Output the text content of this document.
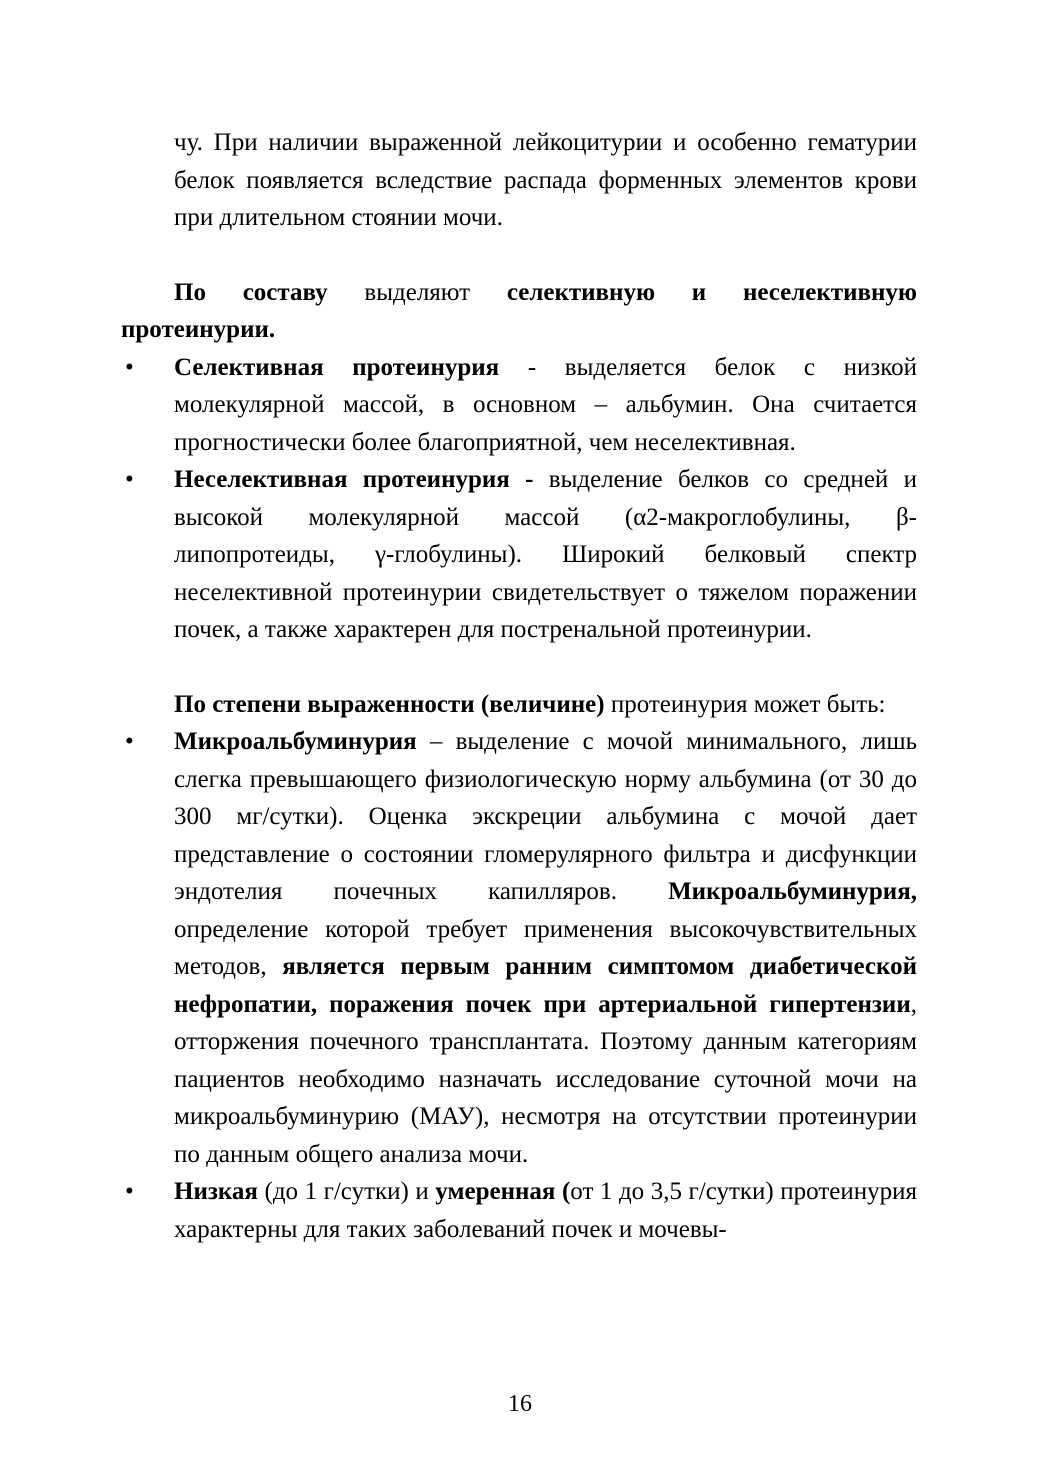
чу. При наличии выраженной лейкоцитурии и особенно гематурии белок появляется вследствие распада форменных элементов крови при длительном стоянии мочи.

По составу выделяют селективную и неселективную протеинурии.

• Селективная протеинурия - выделяется белок с низкой молекулярной массой, в основном – альбумин. Она считается прогностически более благоприятной, чем неселективная.
• Неселективная протеинурия - выделение белков со средней и высокой молекулярной массой (α2-макроглобулины, β-липопротеиды, γ-глобулины). Широкий белковый спектр неселективной протеинурии свидетельствует о тяжелом поражении почек, а также характерен для постренальной протеинурии.

По степени выраженности (величине) протеинурия может быть:

• Микроальбуминурия – выделение с мочой минимального, лишь слегка превышающего физиологическую норму альбумина (от 30 до 300 мг/сутки). Оценка экскреции альбумина с мочой дает представление о состоянии гломерулярного фильтра и дисфункции эндотелия почечных капилляров. Микроальбуминурия, определение которой требует применения высокочувствительных методов, является первым ранним симптомом диабетической нефропатии, поражения почек при артериальной гипертензии, отторжения почечного трансплантата. Поэтому данным категориям пациентов необходимо назначать исследование суточной мочи на микроальбуминурию (МАУ), несмотря на отсутствии протеинурии по данным общего анализа мочи.
• Низкая (до 1 г/сутки) и умеренная (от 1 до 3,5 г/сутки) протеинурия характерны для таких заболеваний почек и мочевы-
16
